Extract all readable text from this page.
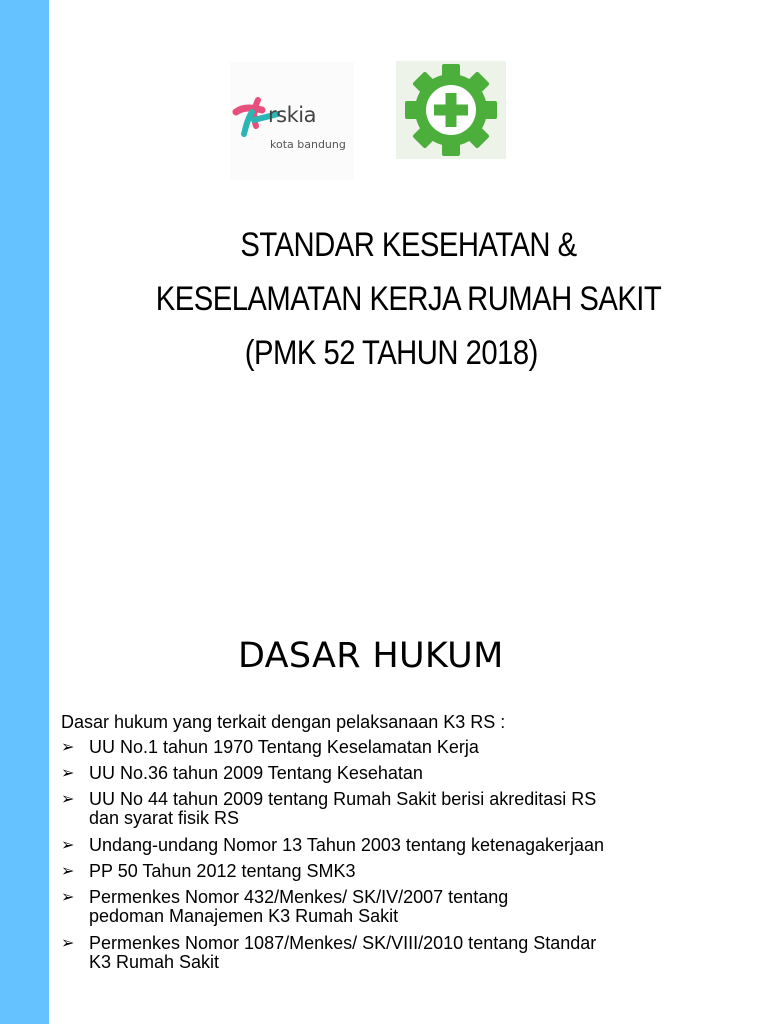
rskia
kota bandung
STANDAR KESEHATAN &
KESELAMATAN KERJA RUMAH SAKIT
(PMK 52 TAHUN 2018)
DASAR HUKUM

Dasar hukum yang terkait dengan pelaksanaan K3 RS :

➢ UU No.1 tahun 1970 Tentang Keselamatan Kerja
➢ UU No.36 tahun 2009 Tentang Kesehatan
➢ UU No 44 tahun 2009 tentang Rumah Sakit berisi akreditasi RS
dan syarat fisik RS
➢ Undang-undang Nomor 13 Tahun 2003 tentang ketenagakerjaan
➢ PP 50 Tahun 2012 tentang SMK3
➢ Permenkes Nomor 432/Menkes/ SK/IV/2007 tentang
pedoman Manajemen K3 Rumah Sakit
➢ Permenkes Nomor 1087/Menkes/ SK/VIII/2010 tentang Standar
K3 Rumah Sakit
